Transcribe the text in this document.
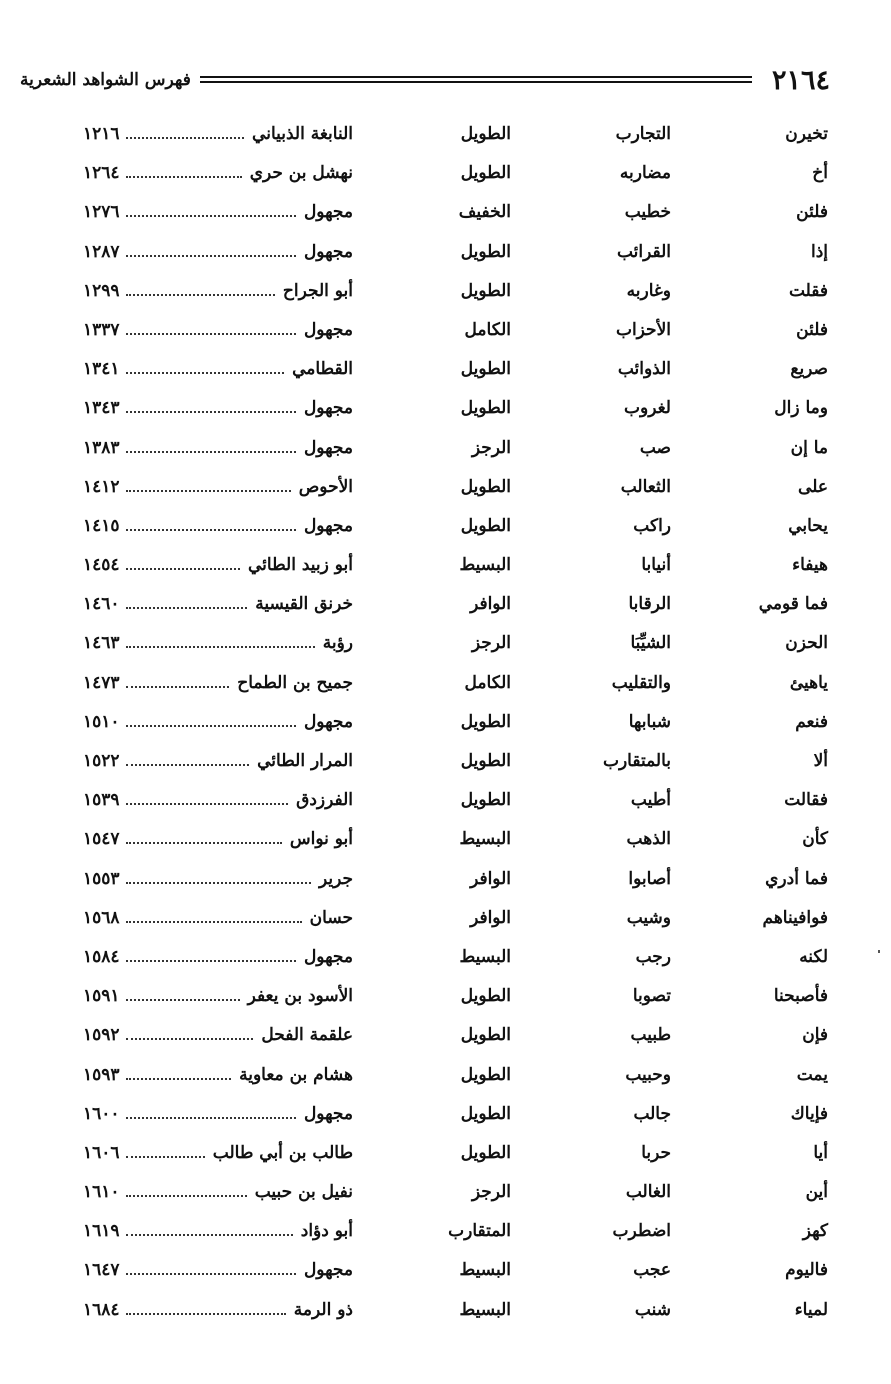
٢١٦٤
فهرس الشواهد الشعرية
تخيرن
التجارب
الطويل
النابغة الذبياني
١٢١٦
أخ
مضاربه
الطويل
نهشل بن حري
١٢٦٤
فلئن
خطيب
الخفيف
مجهول
١٢٧٦
إذا
القرائب
الطويل
مجهول
١٢٨٧
فقلت
وغاربه
الطويل
أبو الجراح
١٢٩٩
فلئن
الأحزاب
الكامل
مجهول
١٣٣٧
صريع
الذوائب
الطويل
القطامي
١٣٤١
وما زال
لغروب
الطويل
مجهول
١٣٤٣
ما إن
صب
الرجز
مجهول
١٣٨٣
على
الثعالب
الطويل
الأحوص
١٤١٢
يحابي
راكب
الطويل
مجهول
١٤١٥
هيفاء
أنيابا
البسيط
أبو زبيد الطائي
١٤٥٤
فما قومي
الرقابا
الوافر
خرنق القيسية
١٤٦٠
الحزن
الشيِّبَا
الرجز
رؤبة
١٤٦٣
ياهيئ
والتقليب
الكامل
جميح بن الطماح
١٤٧٣
فنعم
شبابها
الطويل
مجهول
١٥١٠
ألا
بالمتقارب
الطويل
المرار الطائي
١٥٢٢
فقالت
أطيب
الطويل
الفرزدق
١٥٣٩
كأن
الذهب
البسيط
أبو نواس
١٥٤٧
فما أدري
أصابوا
الوافر
جرير
١٥٥٣
فوافيناهم
وشيب
الوافر
حسان
١٥٦٨
لكنه
رجب
البسيط
مجهول
١٥٨٤
فأصبحنا
تصوبا
الطويل
الأسود بن يعفر
١٥٩١
فإن
طبيب
الطويل
علقمة الفحل
١٥٩٢
يمت
وحبيب
الطويل
هشام بن معاوية
١٥٩٣
فإياك
جالب
الطويل
مجهول
١٦٠٠
أيا
حربا
الطويل
طالب بن أبي طالب
١٦٠٦
أين
الغالب
الرجز
نفيل بن حبيب
١٦١٠
كهز
اضطرب
المتقارب
أبو دؤاد
١٦١٩
فاليوم
عجب
البسيط
مجهول
١٦٤٧
لمياء
شنب
البسيط
ذو الرمة
١٦٨٤
